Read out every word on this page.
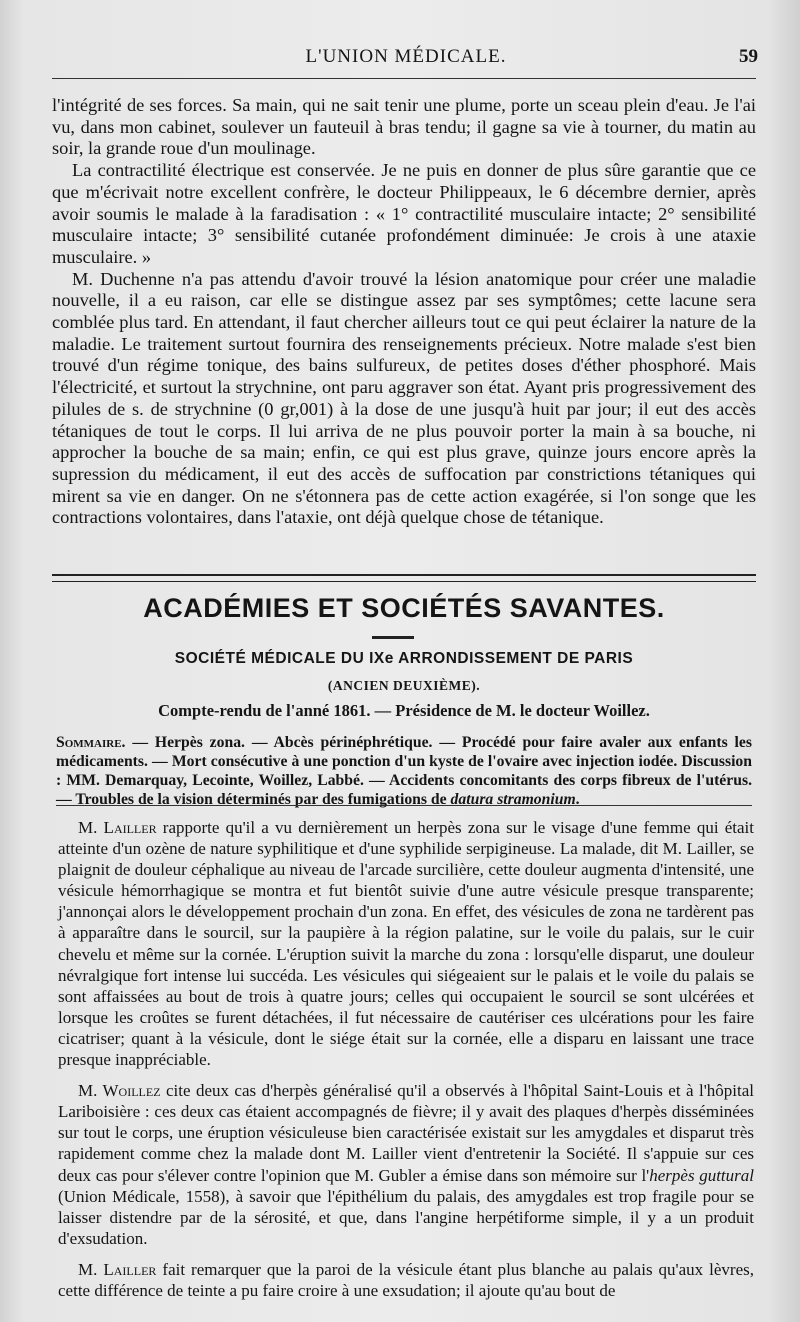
L'UNION MÉDICALE.	59

l'intégrité de ses forces. Sa main, qui ne sait tenir une plume, porte un sceau plein d'eau. Je l'ai vu, dans mon cabinet, soulever un fauteuil à bras tendu; il gagne sa vie à tourner, du matin au soir, la grande roue d'un moulinage.

La contractilité électrique est conservée. Je ne puis en donner de plus sûre garantie que ce que m'écrivait notre excellent confrère, le docteur Philippeaux, le 6 décembre dernier, après avoir soumis le malade à la faradisation : « 1° contractilité musculaire intacte; 2° sensibilité musculaire intacte; 3° sensibilité cutanée profondément diminuée: Je crois à une ataxie musculaire. »

M. Duchenne n'a pas attendu d'avoir trouvé la lésion anatomique pour créer une maladie nouvelle, il a eu raison, car elle se distingue assez par ses symptômes; cette lacune sera comblée plus tard. En attendant, il faut chercher ailleurs tout ce qui peut éclairer la nature de la maladie. Le traitement surtout fournira des renseignements précieux. Notre malade s'est bien trouvé d'un régime tonique, des bains sulfureux, de petites doses d'éther phosphoré. Mais l'électricité, et surtout la strychnine, ont paru aggraver son état. Ayant pris progressivement des pilules de s. de strychnine (0 gr,001) à la dose de une jusqu'à huit par jour; il eut des accès tétaniques de tout le corps. Il lui arriva de ne plus pouvoir porter la main à sa bouche, ni approcher la bouche de sa main; enfin, ce qui est plus grave, quinze jours encore après la supression du médicament, il eut des accès de suffocation par constrictions tétaniques qui mirent sa vie en danger. On ne s'étonnera pas de cette action exagérée, si l'on songe que les contractions volontaires, dans l'ataxie, ont déjà quelque chose de tétanique.

ACADÉMIES ET SOCIÉTÉS SAVANTES.
SOCIÉTÉ MÉDICALE DU IXe ARRONDISSEMENT DE PARIS
(ANCIEN DEUXIÈME).
Compte-rendu de l'anné 1861. — Présidence de M. le docteur Woillez.

Sommaire. — Herpès zona. — Abcès périnéphrétique. — Procédé pour faire avaler aux enfants les médicaments. — Mort consécutive à une ponction d'un kyste de l'ovaire avec injection iodée. Discussion : MM. Demarquay, Lecointe, Woillez, Labbé. — Accidents concomitants des corps fibreux de l'utérus. — Troubles de la vision déterminés par des fumigations de datura stramonium.

M. Lailler rapporte qu'il a vu dernièrement un herpès zona sur le visage d'une femme qui était atteinte d'un ozène de nature syphilitique et d'une syphilide serpigineuse. La malade, dit M. Lailler, se plaignit de douleur céphalique au niveau de l'arcade surcilière, cette douleur augmenta d'intensité, une vésicule hémorrhagique se montra et fut bientôt suivie d'une autre vésicule presque transparente; j'annonçai alors le développement prochain d'un zona. En effet, des vésicules de zona ne tardèrent pas à apparaître dans le sourcil, sur la paupière à la région palatine, sur le voile du palais, sur le cuir chevelu et même sur la cornée. L'éruption suivit la marche du zona : lorsqu'elle disparut, une douleur névralgique fort intense lui succéda. Les vésicules qui siégeaient sur le palais et le voile du palais se sont affaissées au bout de trois à quatre jours; celles qui occupaient le sourcil se sont ulcérées et lorsque les croûtes se furent détachées, il fut nécessaire de cautériser ces ulcérations pour les faire cicatriser; quant à la vésicule, dont le siége était sur la cornée, elle a disparu en laissant une trace presque inappréciable.

M. Woillez cite deux cas d'herpès généralisé qu'il a observés à l'hôpital Saint-Louis et à l'hôpital Lariboisière : ces deux cas étaient accompagnés de fièvre; il y avait des plaques d'herpès disséminées sur tout le corps, une éruption vésiculeuse bien caractérisée existait sur les amygdales et disparut très rapidement comme chez la malade dont M. Lailler vient d'entretenir la Société. Il s'appuie sur ces deux cas pour s'élever contre l'opinion que M. Gubler a émise dans son mémoire sur l'herpès guttural (Union Médicale, 1558), à savoir que l'épithélium du palais, des amygdales est trop fragile pour se laisser distendre par de la sérosité, et que, dans l'angine herpétiforme simple, il y a un produit d'exsudation.

M. Lailler fait remarquer que la paroi de la vésicule étant plus blanche au palais qu'aux lèvres, cette différence de teinte a pu faire croire à une exsudation; il ajoute qu'au bout de
